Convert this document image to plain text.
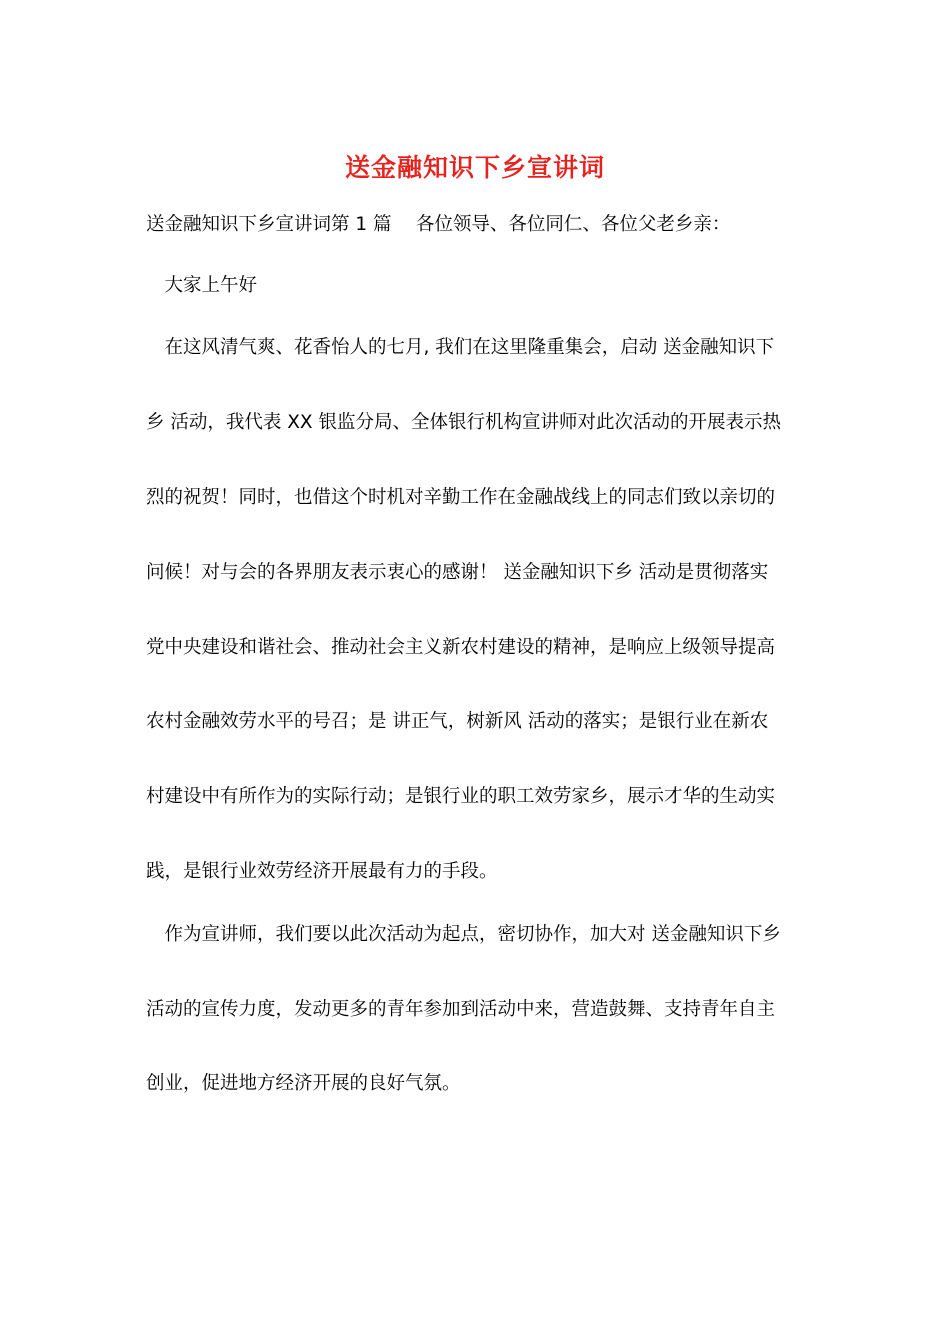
送金融知识下乡宣讲词
送金融知识下乡宣讲词第 1 篇　 各位领导、各位同仁、各位父老乡亲：
　大家上午好
　在这风清气爽、花香怡人的七月, 我们在这里隆重集会，启动 送金融知识下
乡 活动，我代表 XX 银监分局、全体银行机构宣讲师对此次活动的开展表示热
烈的祝贺！同时，也借这个时机对辛勤工作在金融战线上的同志们致以亲切的
问候！对与会的各界朋友表示衷心的感谢！ 送金融知识下乡 活动是贯彻落实
党中央建设和谐社会、推动社会主义新农村建设的精神，是响应上级领导提高
农村金融效劳水平的号召；是 讲正气，树新风 活动的落实；是银行业在新农
村建设中有所作为的实际行动；是银行业的职工效劳家乡，展示才华的生动实
践，是银行业效劳经济开展最有力的手段。
　作为宣讲师，我们要以此次活动为起点，密切协作，加大对 送金融知识下乡
活动的宣传力度，发动更多的青年参加到活动中来，营造鼓舞、支持青年自主
创业，促进地方经济开展的良好气氛。
